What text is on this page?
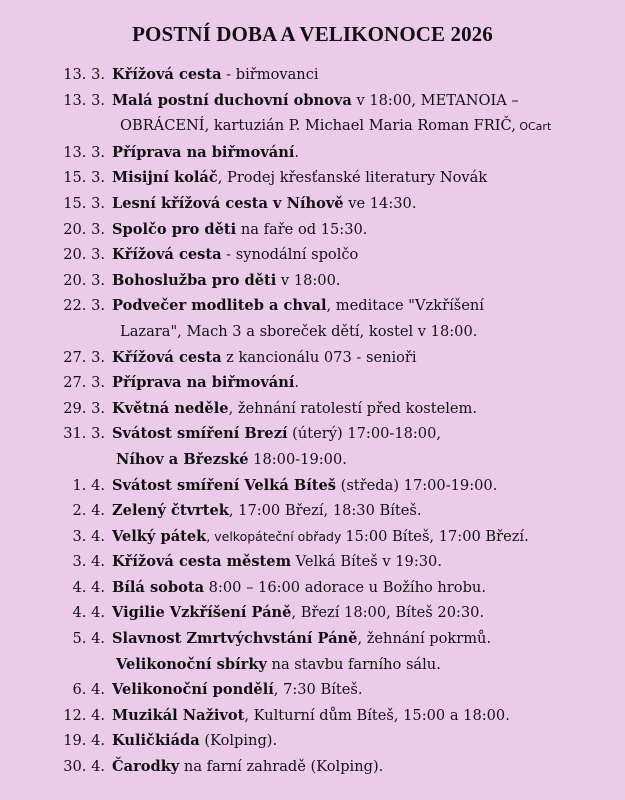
POSTNÍ DOBA A VELIKONOCE 2026
13. 3. Křížová cesta - biřmovanci
13. 3. Malá postní duchovní obnova v 18:00, METANOIA –
OBRÁCENÍ, kartuzián P. Michael Maria Roman FRIČ, OCart
13. 3. Příprava na biřmování.
15. 3. Misijní koláč, Prodej křesťanské literatury Novák
15. 3. Lesní křížová cesta v Níhově ve 14:30.
20. 3. Spolčo pro děti na faře od 15:30.
20. 3. Křížová cesta - synodální spolčo
20. 3. Bohoslužba pro děti v 18:00.
22. 3. Podvečer modliteb a chval, meditace "Vzkříšení
Lazara", Mach 3 a sboreček dětí, kostel v 18:00.
27. 3. Křížová cesta z kancionálu 073 - senioři
27. 3. Příprava na biřmování.
29. 3. Květná neděle, žehnání ratolestí před kostelem.
31. 3. Svátost smíření Brezí (úterý) 17:00-18:00,
Níhov a Březské 18:00-19:00.
1. 4. Svátost smíření Velká Bíteš (středa) 17:00-19:00.
2. 4. Zelený čtvrtek, 17:00 Březí, 18:30 Bíteš.
3. 4. Velký pátek, velkopáteční obřady 15:00 Bíteš, 17:00 Březí.
3. 4. Křížová cesta městem Velká Bíteš v 19:30.
4. 4. Bílá sobota 8:00 – 16:00 adorace u Božího hrobu.
4. 4. Vigilie Vzkříšení Páně, Březí 18:00, Bíteš 20:30.
5. 4. Slavnost Zmrtvýchvstání Páně, žehnání pokrmů.
Velikonoční sbírky na stavbu farního sálu.
6. 4. Velikonoční pondělí, 7:30 Bíteš.
12. 4. Muzikál Naživot, Kulturní dům Bíteš, 15:00 a 18:00.
19. 4. Kuličkiáda (Kolping).
30. 4. Čarodky na farní zahradě (Kolping).
